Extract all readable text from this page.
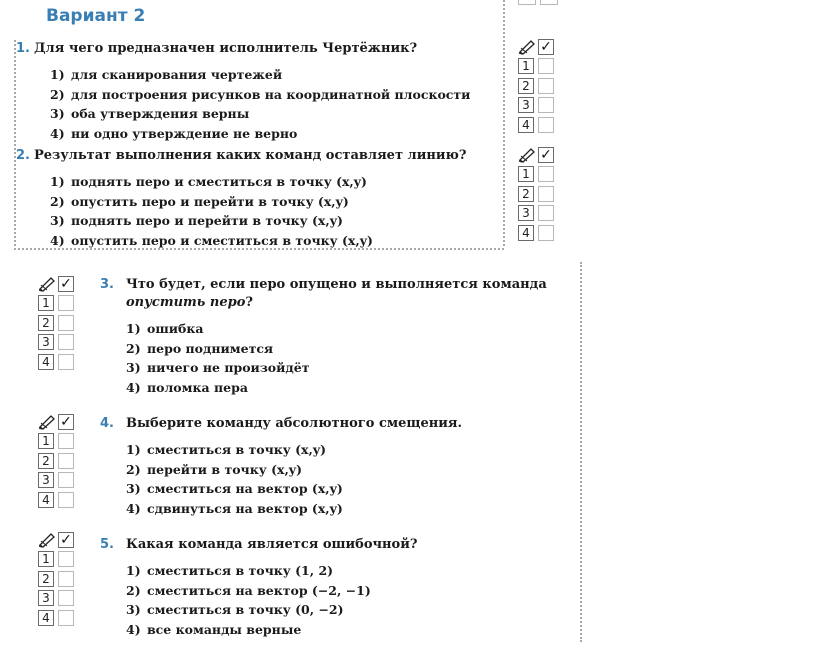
Вариант 2
1. Для чего предназначен исполнитель Чертёжник?
1) для сканирования чертежей
2) для построения рисунков на координатной плоскости
3) оба утверждения верны
4) ни одно утверждение не верно
✓
1
2
3
4
2. Результат выполнения каких команд оставляет линию?
1) поднять перо и сместиться в точку (x,y)
2) опустить перо и перейти в точку (x,y)
3) поднять перо и перейти в точку (x,y)
4) опустить перо и сместиться в точку (x,y)
✓
1
2
3
4
✓
1
2
3
4
3. Что будет, если перо опущено и выполняется команда опустить перо?
1) ошибка
2) перо поднимется
3) ничего не произойдёт
4) поломка пера
✓
1
2
3
4
4. Выберите команду абсолютного смещения.
1) сместиться в точку (x,y)
2) перейти в точку (x,y)
3) сместиться на вектор (x,y)
4) сдвинуться на вектор (x,y)
✓
1
2
3
4
5. Какая команда является ошибочной?
1) сместиться в точку (1, 2)
2) сместиться на вектор (−2, −1)
3) сместиться в точку (0, −2)
4) все команды верные
